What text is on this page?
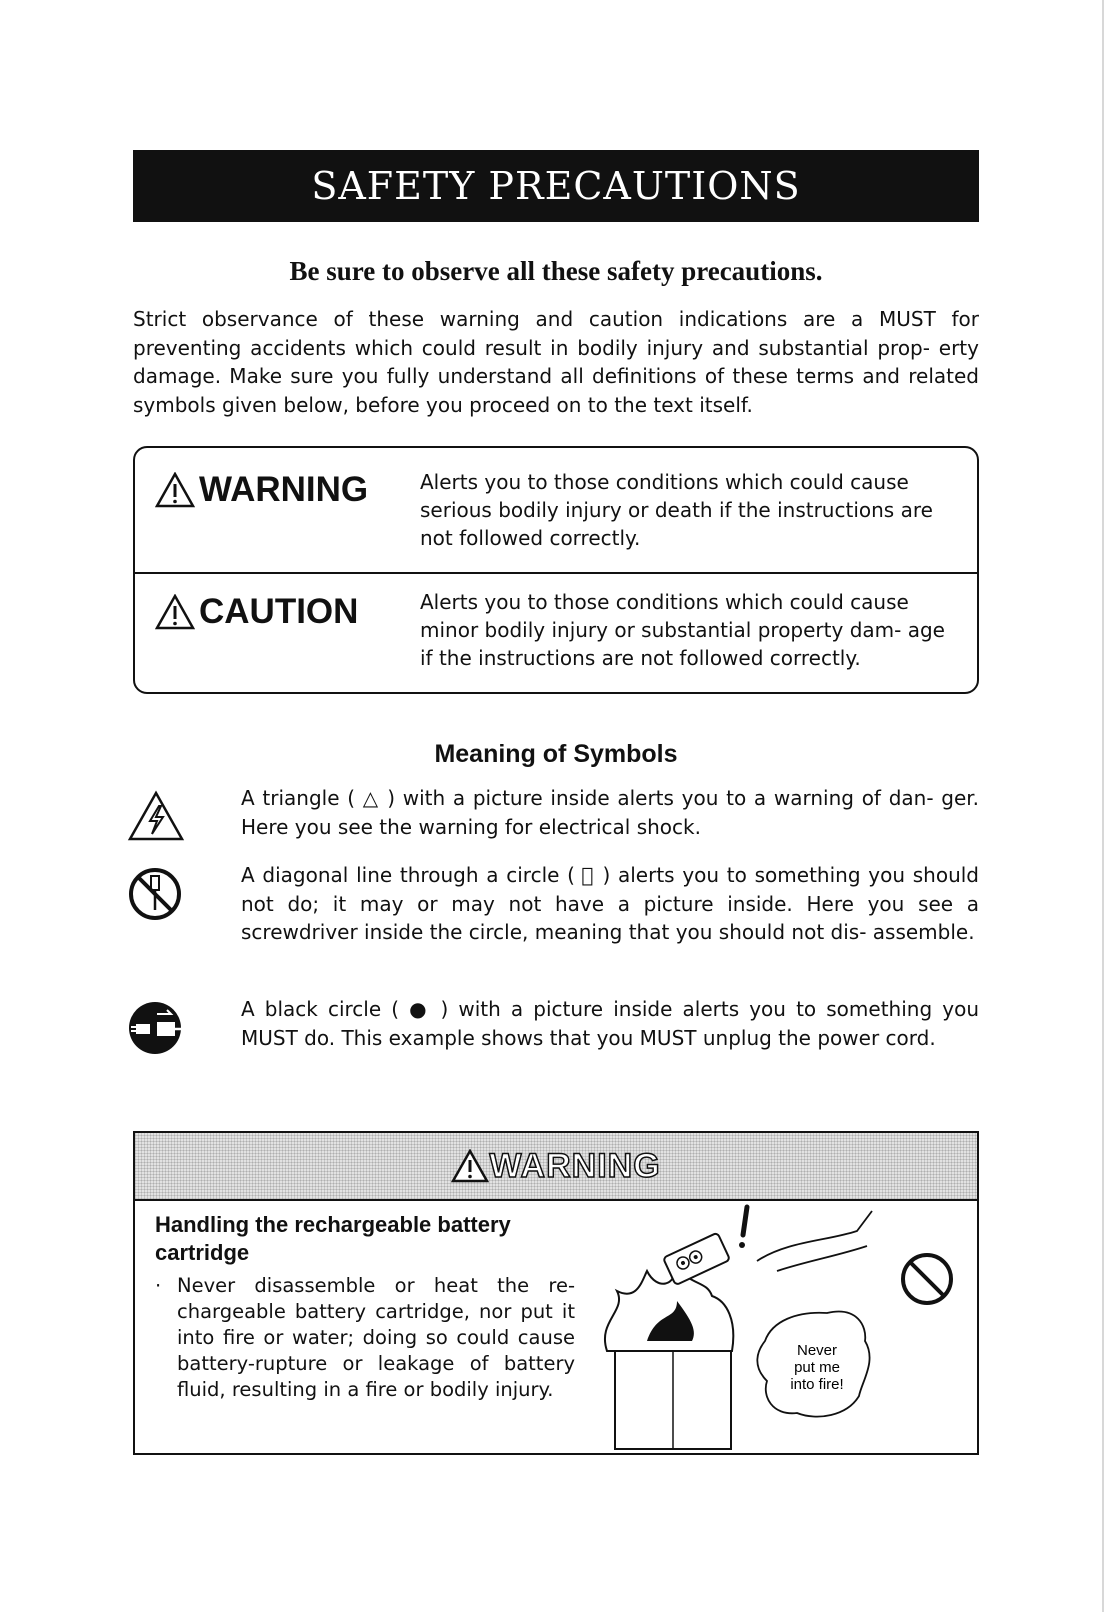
SAFETY PRECAUTIONS
Be sure to observe all these safety precautions.
Strict observance of these warning and caution indications are a MUST for preventing accidents which could result in bodily injury and substantial prop- erty damage. Make sure you fully understand all definitions of these terms and related symbols given below, before you proceed on to the text itself.
WARNING	Alerts you to those conditions which could cause serious bodily injury or death if the instructions are not followed correctly.
CAUTION	Alerts you to those conditions which could cause minor bodily injury or substantial property dam- age if the instructions are not followed correctly.
Meaning of Symbols
A triangle ( △ ) with a picture inside alerts you to a warning of dan- ger. Here you see the warning for electrical shock.
A diagonal line through a circle ( ⃠ ) alerts you to something you should not do; it may or may not have a picture inside. Here you see a screwdriver inside the circle, meaning that you should not dis- assemble.
A black circle ( ● ) with a picture inside alerts you to something you MUST do. This example shows that you MUST unplug the power cord.
WARNING
Handling the rechargeable battery cartridge
· Never disassemble or heat the re- chargeable battery cartridge, nor put it into fire or water; doing so could cause battery-rupture or leakage of battery fluid, resulting in a fire or bodily injury.
Never
put me
into fire!
